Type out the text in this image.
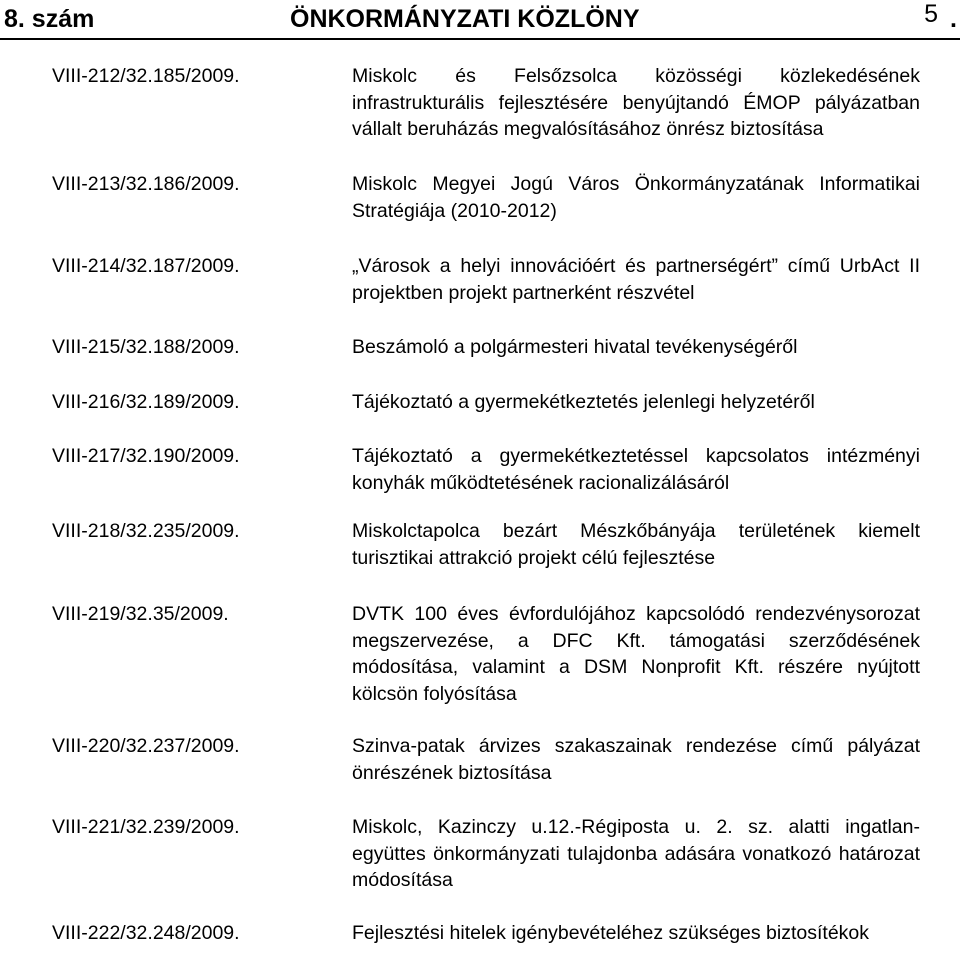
8. szám	ÖNKORMÁNYZATI KÖZLÖNY	5 .
VIII-212/32.185/2009.	Miskolc és Felsőzsolca közösségi közlekedésének infrastrukturális fejlesztésére benyújtandó ÉMOP pályázatban vállalt beruházás megvalósításához önrész biztosítása
VIII-213/32.186/2009.	Miskolc Megyei Jogú Város Önkormányzatának Informatikai Stratégiája (2010-2012)
VIII-214/32.187/2009.	„Városok a helyi innovációért és partnerségért” című UrbAct II projektben projekt partnerként részvétel
VIII-215/32.188/2009.	Beszámoló a polgármesteri hivatal tevékenységéről
VIII-216/32.189/2009.	Tájékoztató a gyermekétkeztetés jelenlegi helyzetéről
VIII-217/32.190/2009.	Tájékoztató a gyermekétkeztetéssel kapcsolatos intézményi konyhák működtetésének racionalizálásáról
VIII-218/32.235/2009.	Miskolctapolca bezárt Mészkőbányája területének kiemelt turisztikai attrakció projekt célú fejlesztése
VIII-219/32.35/2009.	DVTK 100 éves évfordulójához kapcsolódó rendezvénysorozat megszervezése, a DFC Kft. támogatási szerződésének módosítása, valamint a DSM Nonprofit Kft. részére nyújtott kölcsön folyósítása
VIII-220/32.237/2009.	Szinva-patak árvizes szakaszainak rendezése című pályázat önrészének biztosítása
VIII-221/32.239/2009.	Miskolc, Kazinczy u.12.-Régiposta u. 2. sz. alatti ingatlan-együttes önkormányzati tulajdonba adására vonatkozó határozat módosítása
VIII-222/32.248/2009.	Fejlesztési hitelek igénybevételéhez szükséges biztosítékok
